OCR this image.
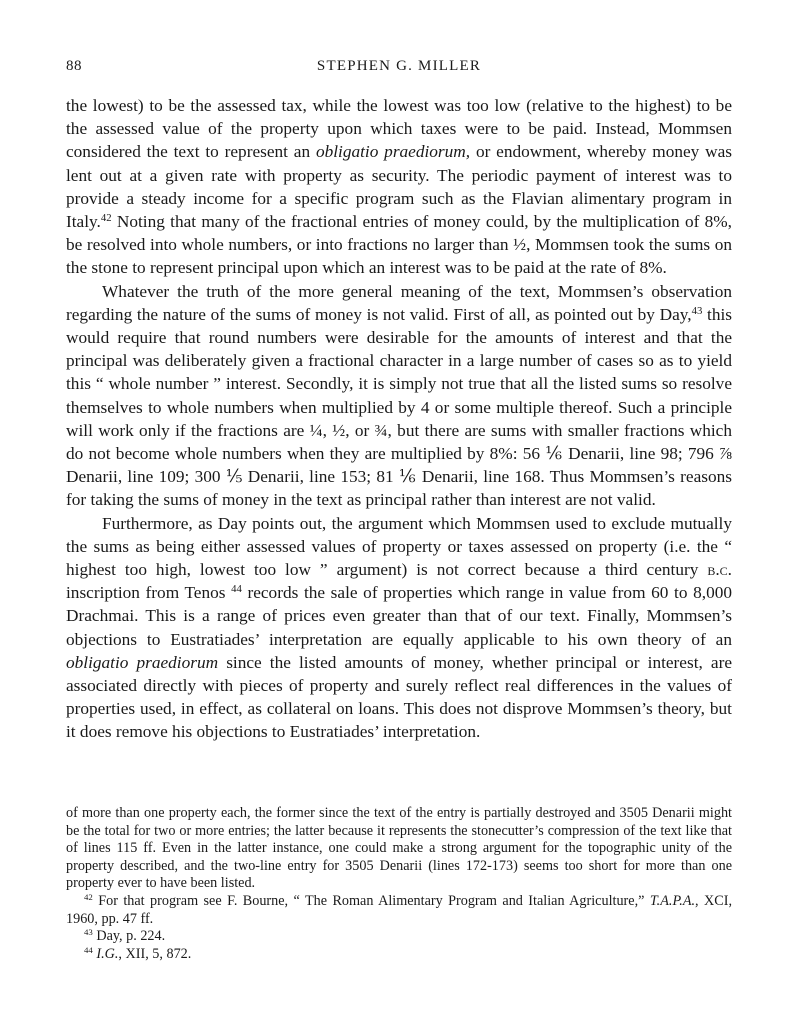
88	STEPHEN G. MILLER

the lowest) to be the assessed tax, while the lowest was too low (relative to the highest) to be the assessed value of the property upon which taxes were to be paid. Instead, Mommsen considered the text to represent an obligatio praediorum, or endowment, whereby money was lent out at a given rate with property as security. The periodic payment of interest was to provide a steady income for a specific program such as the Flavian alimentary program in Italy.$^{42}$ Noting that many of the fractional entries of money could, by the multiplication of 8%, be resolved into whole numbers, or into fractions no larger than ½, Mommsen took the sums on the stone to represent principal upon which an interest was to be paid at the rate of 8%.

Whatever the truth of the more general meaning of the text, Mommsen’s observation regarding the nature of the sums of money is not valid. First of all, as pointed out by Day,$^{43}$ this would require that round numbers were desirable for the amounts of interest and that the principal was deliberately given a fractional character in a large number of cases so as to yield this “ whole number ” interest. Secondly, it is simply not true that all the listed sums so resolve themselves to whole numbers when multiplied by 4 or some multiple thereof. Such a principle will work only if the fractions are ¼, ½, or ¾, but there are sums with smaller fractions which do not become whole numbers when they are multiplied by 8%: 56 ⅙ Denarii, line 98; 796 ⅞ Denarii, line 109; 300 ⅕ Denarii, line 153; 81 ⅙ Denarii, line 168. Thus Mommsen’s reasons for taking the sums of money in the text as principal rather than interest are not valid.

Furthermore, as Day points out, the argument which Mommsen used to exclude mutually the sums as being either assessed values of property or taxes assessed on property (i.e. the “ highest too high, lowest too low ” argument) is not correct because a third century b.c. inscription from Tenos $^{44}$ records the sale of properties which range in value from 60 to 8,000 Drachmai. This is a range of prices even greater than that of our text. Finally, Mommsen’s objections to Eustratiades’ interpretation are equally applicable to his own theory of an obligatio praediorum since the listed amounts of money, whether principal or interest, are associated directly with pieces of property and surely reflect real differences in the values of properties used, in effect, as collateral on loans. This does not disprove Mommsen’s theory, but it does remove his objections to Eustratiades’ interpretation.

of more than one property each, the former since the text of the entry is partially destroyed and 3505 Denarii might be the total for two or more entries; the latter because it represents the stonecutter’s compression of the text like that of lines 115 ff. Even in the latter instance, one could make a strong argument for the topographic unity of the property described, and the two-line entry for 3505 Denarii (lines 172-173) seems too short for more than one property ever to have been listed.

$^{42}$ For that program see F. Bourne, “ The Roman Alimentary Program and Italian Agriculture,” T.A.P.A., XCI, 1960, pp. 47 ff.

$^{43}$ Day, p. 224.

$^{44}$ I.G., XII, 5, 872.
